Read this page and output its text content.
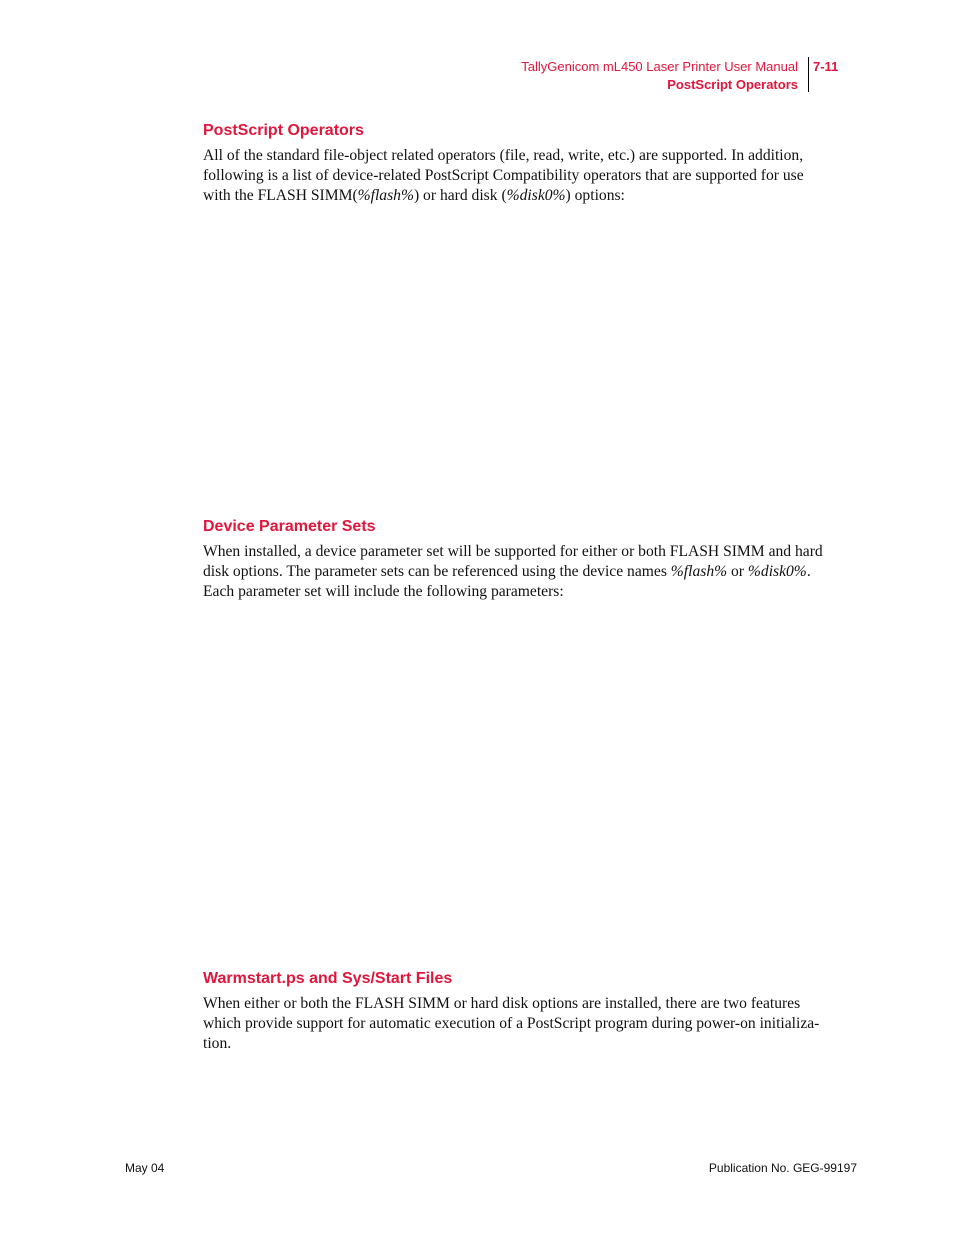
TallyGenicom mL450 Laser Printer User Manual
PostScript Operators
7-11
PostScript Operators
All of the standard file-object related operators (file, read, write, etc.) are supported. In addition,
following is a list of device-related PostScript Compatibility operators that are supported for use
with the FLASH SIMM(%flash%) or hard disk (%disk0%) options:
Device Parameter Sets
When installed, a device parameter set will be supported for either or both FLASH SIMM and hard
disk options. The parameter sets can be referenced using the device names %flash% or %disk0%.
Each parameter set will include the following parameters:
Warmstart.ps and Sys/Start Files
When either or both the FLASH SIMM or hard disk options are installed, there are two features
which provide support for automatic execution of a PostScript program during power-on initializa-
tion.
May 04	Publication No. GEG-99197
